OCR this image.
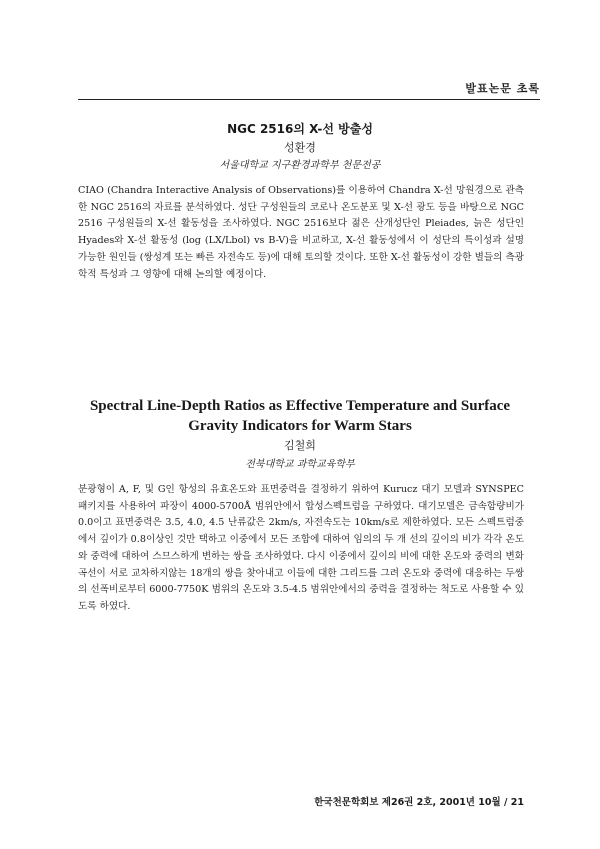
발표논문 초록
NGC 2516의 X-선 방출성
성환경
서울대학교 지구환경과학부 천문전공

CIAO (Chandra Interactive Analysis of Observations)를 이용하여 Chandra X-선 망원경으로 관측한 NGC 2516의 자료를 분석하였다. 성단 구성원들의 코로나 온도분포 및 X-선 광도 등을 바탕으로 NGC 2516 구성원들의 X-선 활동성을 조사하였다. NGC 2516보다 젊은 산개성단인 Pleiades, 늙은 성단인 Hyades와 X-선 활동성 (log (LX/Lbol) vs B-V)을 비교하고, X-선 활동성에서 이 성단의 특이성과 설명 가능한 원인들 (쌍성계 또는 빠른 자전속도 등)에 대해 토의할 것이다. 또한 X-선 활동성이 강한 별들의 측광학적 특성과 그 영향에 대해 논의할 예정이다.

Spectral Line-Depth Ratios as Effective Temperature and Surface Gravity Indicators for Warm Stars
김철희
전북대학교 과학교육학부

분광형이 A, F, 및 G인 항성의 유효온도와 표면중력을 결정하기 위하여 Kurucz 대기 모델과 SYNSPEC 패키지를 사용하여 파장이 4000-5700Å 범위안에서 합성스펙트럼을 구하였다. 대기모델은 금속함량비가 0.0이고 표면중력은 3.5, 4.0, 4.5 난류값은 2km/s, 자전속도는 10km/s로 제한하였다. 모든 스펙트럼중에서 깊이가 0.8이상인 것만 택하고 이중에서 모든 조합에 대하여 임의의 두 개 선의 깊이의 비가 각각 온도와 중력에 대하여 스므스하게 변하는 쌍을 조사하였다. 다시 이중에서 깊이의 비에 대한 온도와 중력의 변화곡선이 서로 교차하지않는 18개의 쌍을 찾아내고 이들에 대한 그리드를 그려 온도와 중력에 대응하는 두쌍의 선폭비로부터 6000-7750K 범위의 온도와 3.5-4.5 범위안에서의 중력을 결정하는 척도로 사용할 수 있도록 하였다.

한국천문학회보 제26권 2호, 2001년 10월 / 21
